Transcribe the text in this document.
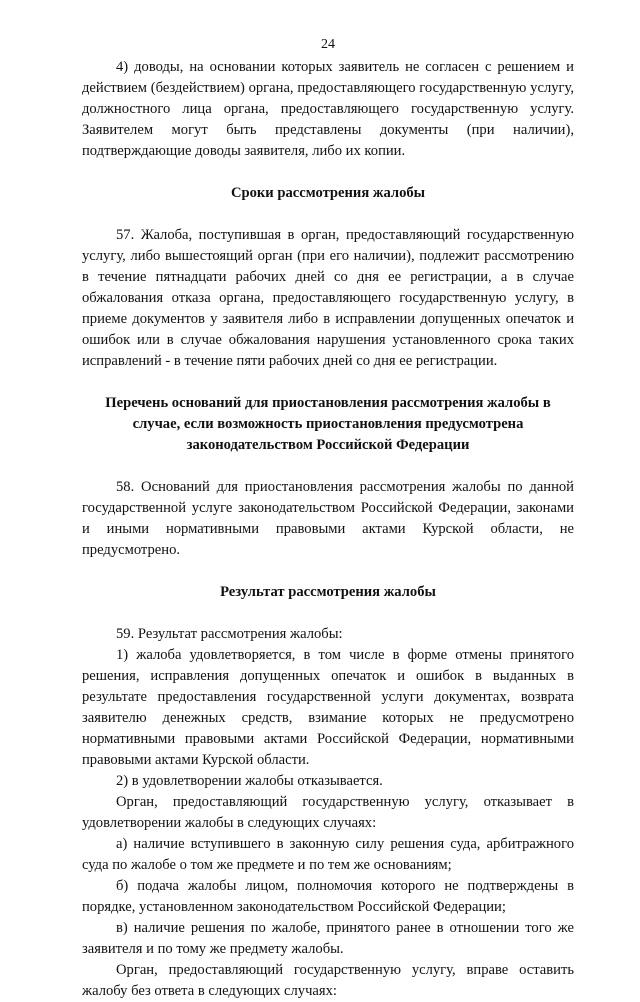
24

4) доводы, на основании которых заявитель не согласен с решением и действием (бездействием) органа, предоставляющего государственную услугу, должностного лица органа, предоставляющего государственную услугу. Заявителем могут быть представлены документы (при наличии), подтверждающие доводы заявителя, либо их копии.

Сроки рассмотрения жалобы

57. Жалоба, поступившая в орган, предоставляющий государственную услугу, либо вышестоящий орган (при его наличии), подлежит рассмотрению в течение пятнадцати рабочих дней со дня ее регистрации, а в случае обжалования отказа органа, предоставляющего государственную услугу, в приеме документов у заявителя либо в исправлении допущенных опечаток и ошибок или в случае обжалования нарушения установленного срока таких исправлений - в течение пяти рабочих дней со дня ее регистрации.

Перечень оснований для приостановления рассмотрения жалобы в случае, если возможность приостановления предусмотрена законодательством Российской Федерации

58. Оснований для приостановления рассмотрения жалобы по данной государственной услуге законодательством Российской Федерации, законами и иными нормативными правовыми актами Курской области, не предусмотрено.

Результат рассмотрения жалобы

59. Результат рассмотрения жалобы:

1) жалоба удовлетворяется, в том числе в форме отмены принятого решения, исправления допущенных опечаток и ошибок в выданных в результате предоставления государственной услуги документах, возврата заявителю денежных средств, взимание которых не предусмотрено нормативными правовыми актами Российской Федерации, нормативными правовыми актами Курской области.

2) в удовлетворении жалобы отказывается.

Орган, предоставляющий государственную услугу, отказывает в удовлетворении жалобы в следующих случаях:

а) наличие вступившего в законную силу решения суда, арбитражного суда по жалобе о том же предмете и по тем же основаниям;

б) подача жалобы лицом, полномочия которого не подтверждены в порядке, установленном законодательством Российской Федерации;

в) наличие решения по жалобе, принятого ранее в отношении того же заявителя и по тому же предмету жалобы.

Орган, предоставляющий государственную услугу, вправе оставить жалобу без ответа в следующих случаях:
